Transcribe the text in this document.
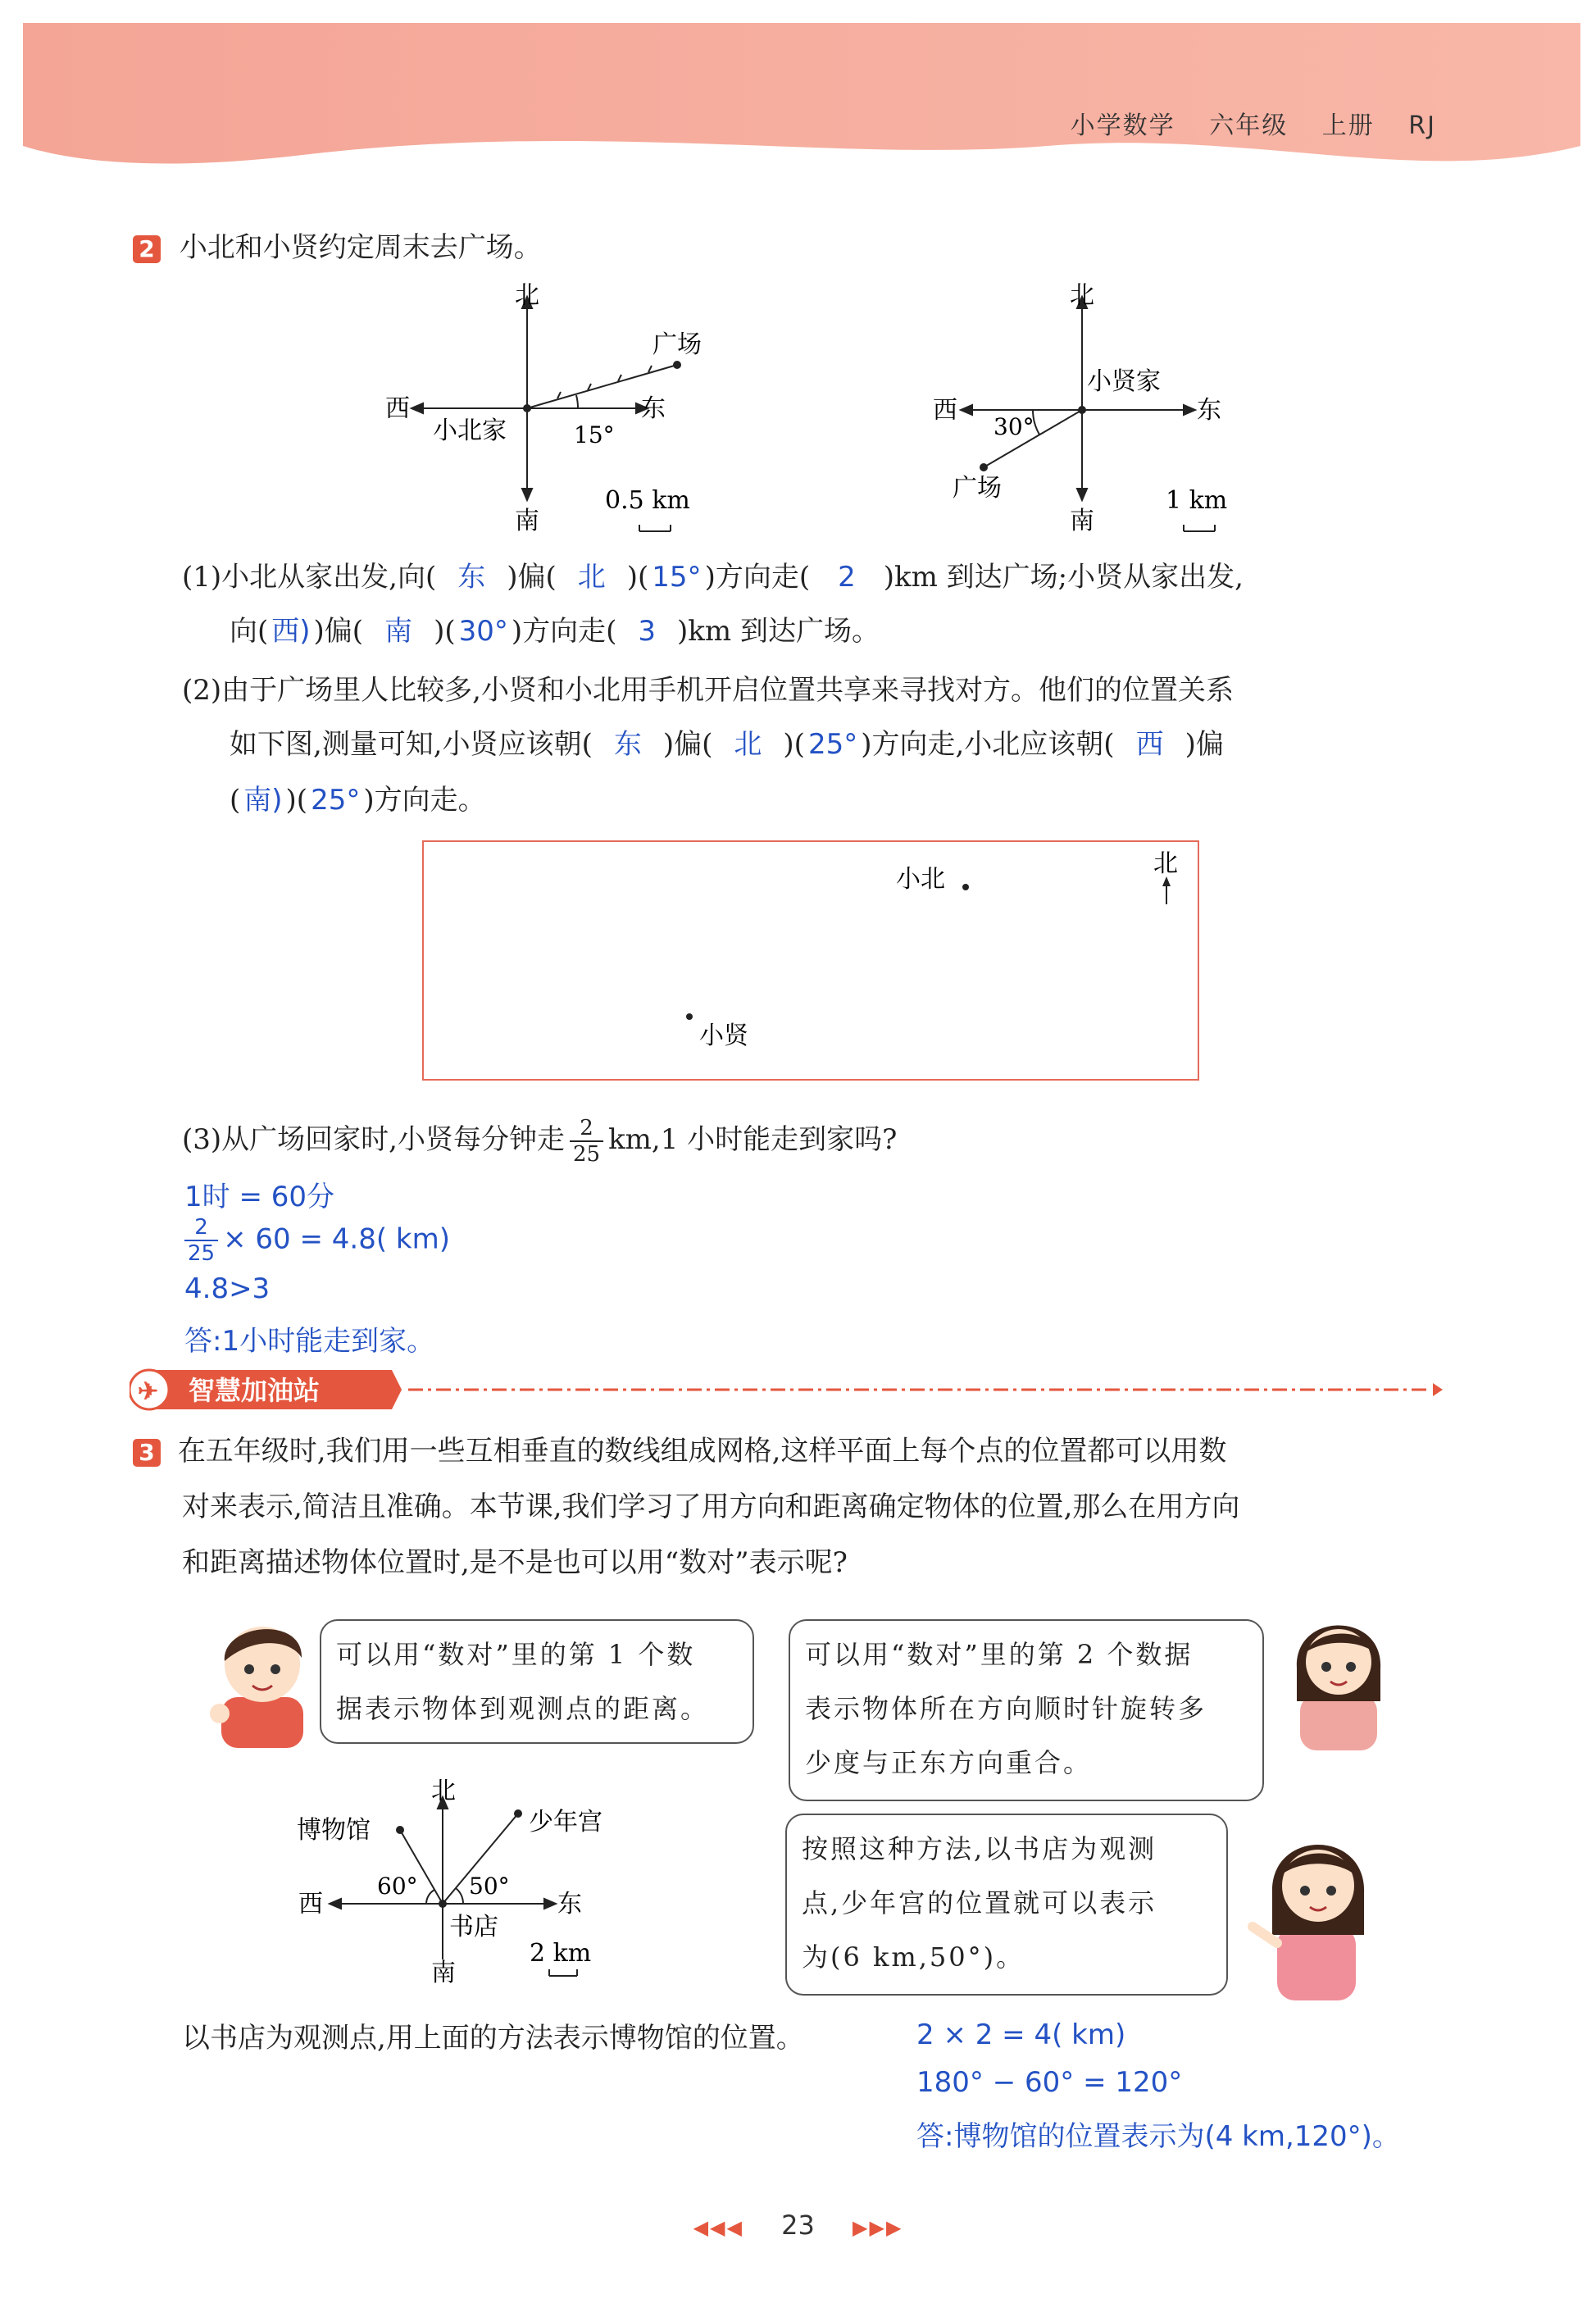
小学数学 六年级 上册 RJ
2 小北和小贤约定周末去广场。
北
南
西	东
小北家
广场
15°
0.5 km
北
南
西	东
小贤家
广场
30°
1 km
(1)小北从家出发,向( 东 )偏( 北 )( 15° )方向走( 2 )km 到达广场;小贤从家出发,
向( 西) )偏( 南 )( 30° )方向走( 3 )km 到达广场。
(2)由于广场里人比较多,小贤和小北用手机开启位置共享来寻找对方。他们的位置关系
如下图,测量可知,小贤应该朝( 东 )偏( 北 )( 25° )方向走,小北应该朝( 西 )偏
( 南) )( 25° )方向走。
小北
小贤
北
(3)从广场回家时,小贤每分钟走 $\frac{2}{25} km,1$ 小时能走到家吗?
1时 = 60分
$\frac{2}{25} \times 60 = 4.8$( km)
4.8>3
答:1小时能走到家。
✈ 智慧加油站
3 在五年级时,我们用一些互相垂直的数线组成网格,这样平面上每个点的位置都可以用数
对来表示,简洁且准确。本节课,我们学习了用方向和距离确定物体的位置,那么在用方向
和距离描述物体位置时,是不是也可以用“数对”表示呢?
可以用“数对”里的第 1 个数
据表示物体到观测点的距离。
可以用“数对”里的第 2 个数据
表示物体所在方向顺时针旋转多
少度与正东方向重合。
北
南
西	东
书店
博物馆	少年宫
60° 50°
2 km
按照这种方法,以书店为观测
点,少年宫的位置就可以表示
为(6 km,50°)。
以书店为观测点,用上面的方法表示博物馆的位置。	2 × 2 = 4( km)
180° − 60° = 120°
答:博物馆的位置表示为(4 km,120°)。
◀◀◀ 23 ▶▶▶
